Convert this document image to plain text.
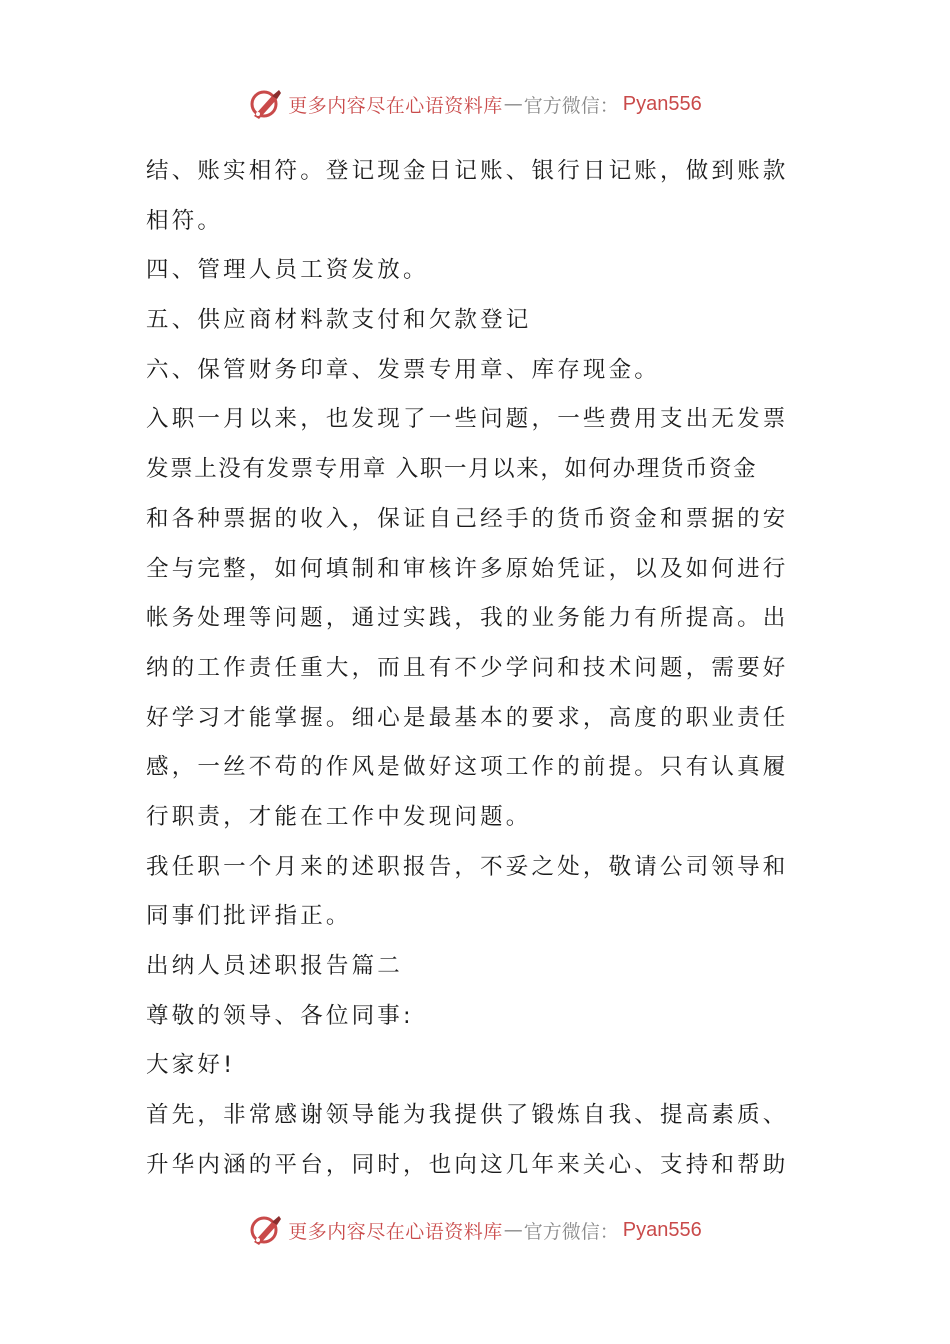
更多内容尽在心语资料库 — 官方微信： Pyan556
结、账实相符。登记现金日记账、银行日记账，做到账款
相符。
四、管理人员工资发放。
五、供应商材料款支付和欠款登记
六、保管财务印章、发票专用章、库存现金。
入职一月以来，也发现了一些问题，一些费用支出无发票
发票上没有发票专用章 入职一月以来，如何办理货币资金
和各种票据的收入，保证自己经手的货币资金和票据的安
全与完整，如何填制和审核许多原始凭证，以及如何进行
帐务处理等问题，通过实践，我的业务能力有所提高。出
纳的工作责任重大，而且有不少学问和技术问题，需要好
好学习才能掌握。细心是最基本的要求，高度的职业责任
感，一丝不苟的作风是做好这项工作的前提。只有认真履
行职责，才能在工作中发现问题。
我任职一个月来的述职报告，不妥之处，敬请公司领导和
同事们批评指正。
出纳人员述职报告篇二
尊敬的领导、各位同事:
大家好!
首先，非常感谢领导能为我提供了锻炼自我、提高素质、
升华内涵的平台，同时，也向这几年来关心、支持和帮助
更多内容尽在心语资料库 — 官方微信： Pyan556
